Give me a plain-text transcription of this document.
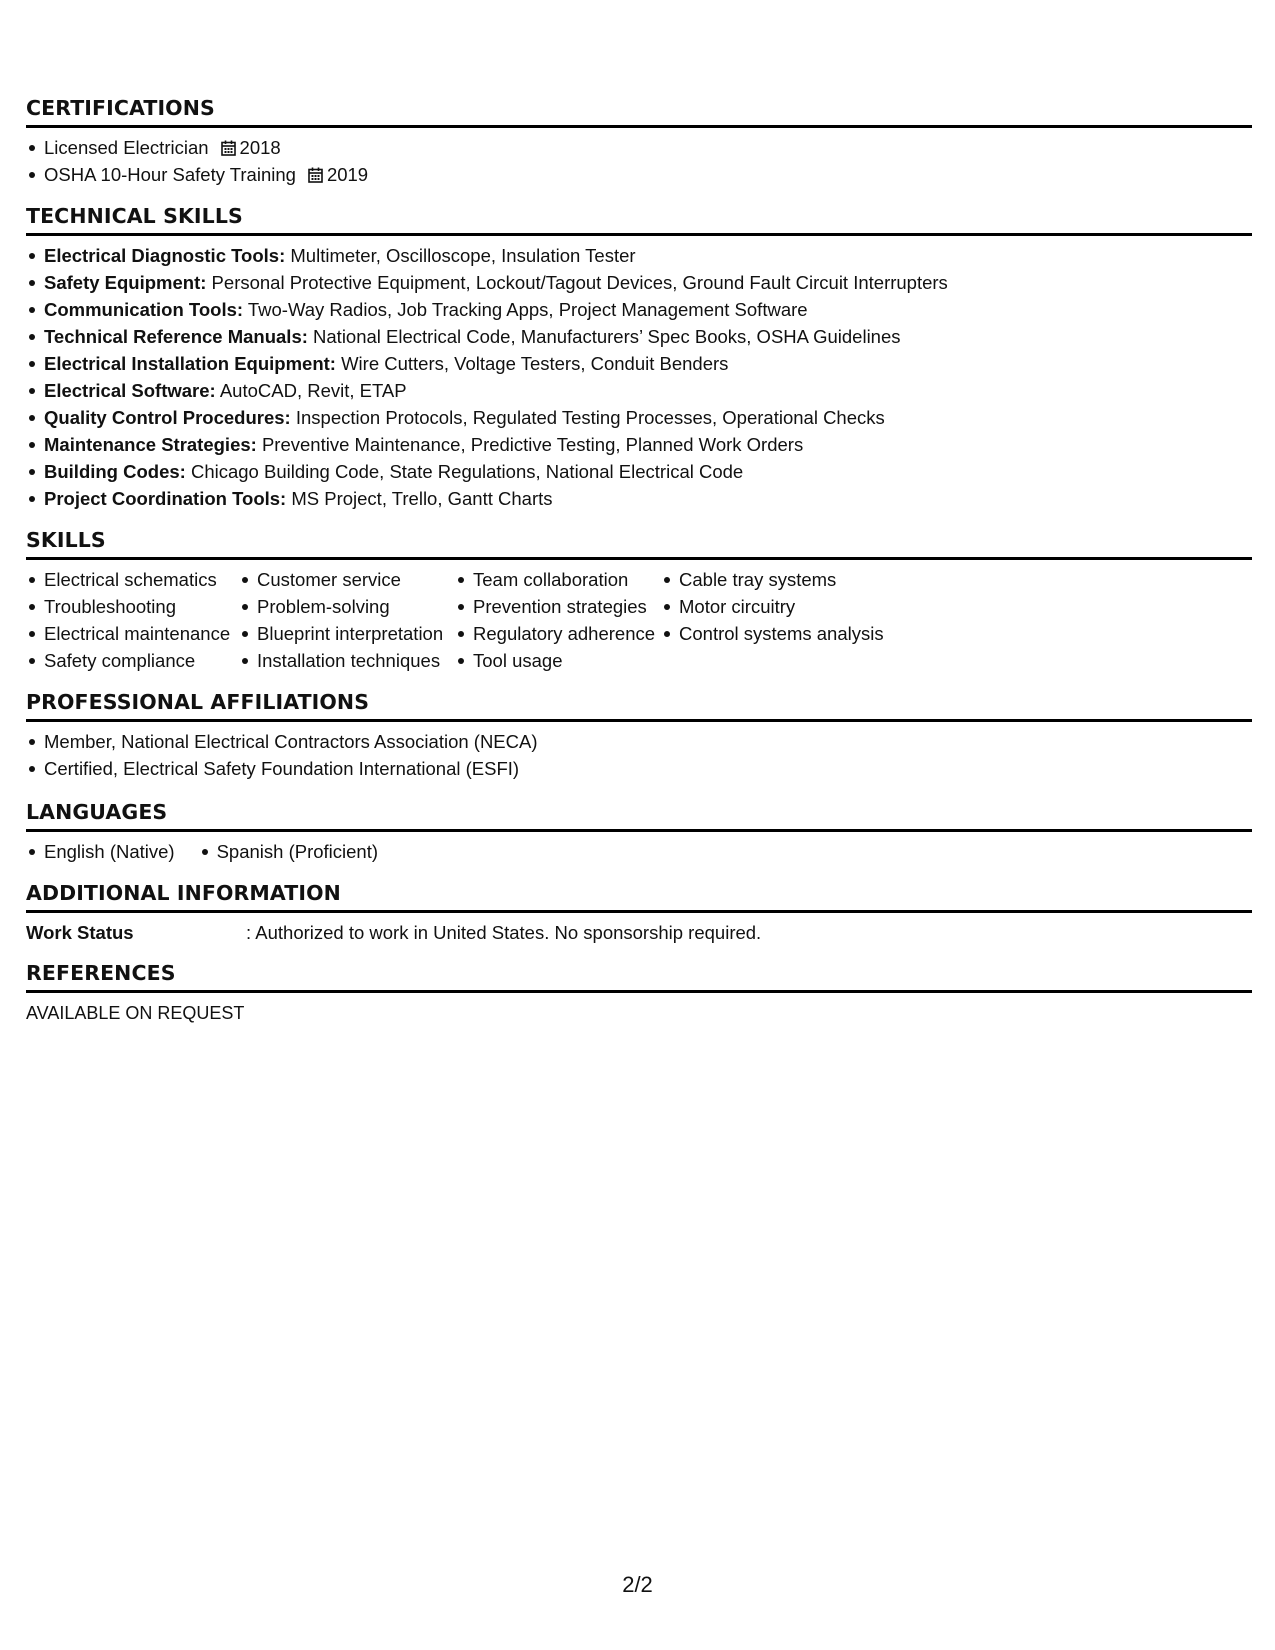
CERTIFICATIONS
Licensed Electrician 2018
OSHA 10-Hour Safety Training 2019
TECHNICAL SKILLS
Electrical Diagnostic Tools: Multimeter, Oscilloscope, Insulation Tester
Safety Equipment: Personal Protective Equipment, Lockout/Tagout Devices, Ground Fault Circuit Interrupters
Communication Tools: Two-Way Radios, Job Tracking Apps, Project Management Software
Technical Reference Manuals: National Electrical Code, Manufacturers’ Spec Books, OSHA Guidelines
Electrical Installation Equipment: Wire Cutters, Voltage Testers, Conduit Benders
Electrical Software: AutoCAD, Revit, ETAP
Quality Control Procedures: Inspection Protocols, Regulated Testing Processes, Operational Checks
Maintenance Strategies: Preventive Maintenance, Predictive Testing, Planned Work Orders
Building Codes: Chicago Building Code, State Regulations, National Electrical Code
Project Coordination Tools: MS Project, Trello, Gantt Charts
SKILLS
Electrical schematics
Troubleshooting
Electrical maintenance
Safety compliance
Customer service
Problem-solving
Blueprint interpretation
Installation techniques
Team collaboration
Prevention strategies
Regulatory adherence
Tool usage
Cable tray systems
Motor circuitry
Control systems analysis
PROFESSIONAL AFFILIATIONS
Member, National Electrical Contractors Association (NECA)
Certified, Electrical Safety Foundation International (ESFI)
LANGUAGES
English (Native) Spanish (Proficient)
ADDITIONAL INFORMATION
Work Status	: Authorized to work in United States. No sponsorship required.
REFERENCES
AVAILABLE ON REQUEST
2/2
